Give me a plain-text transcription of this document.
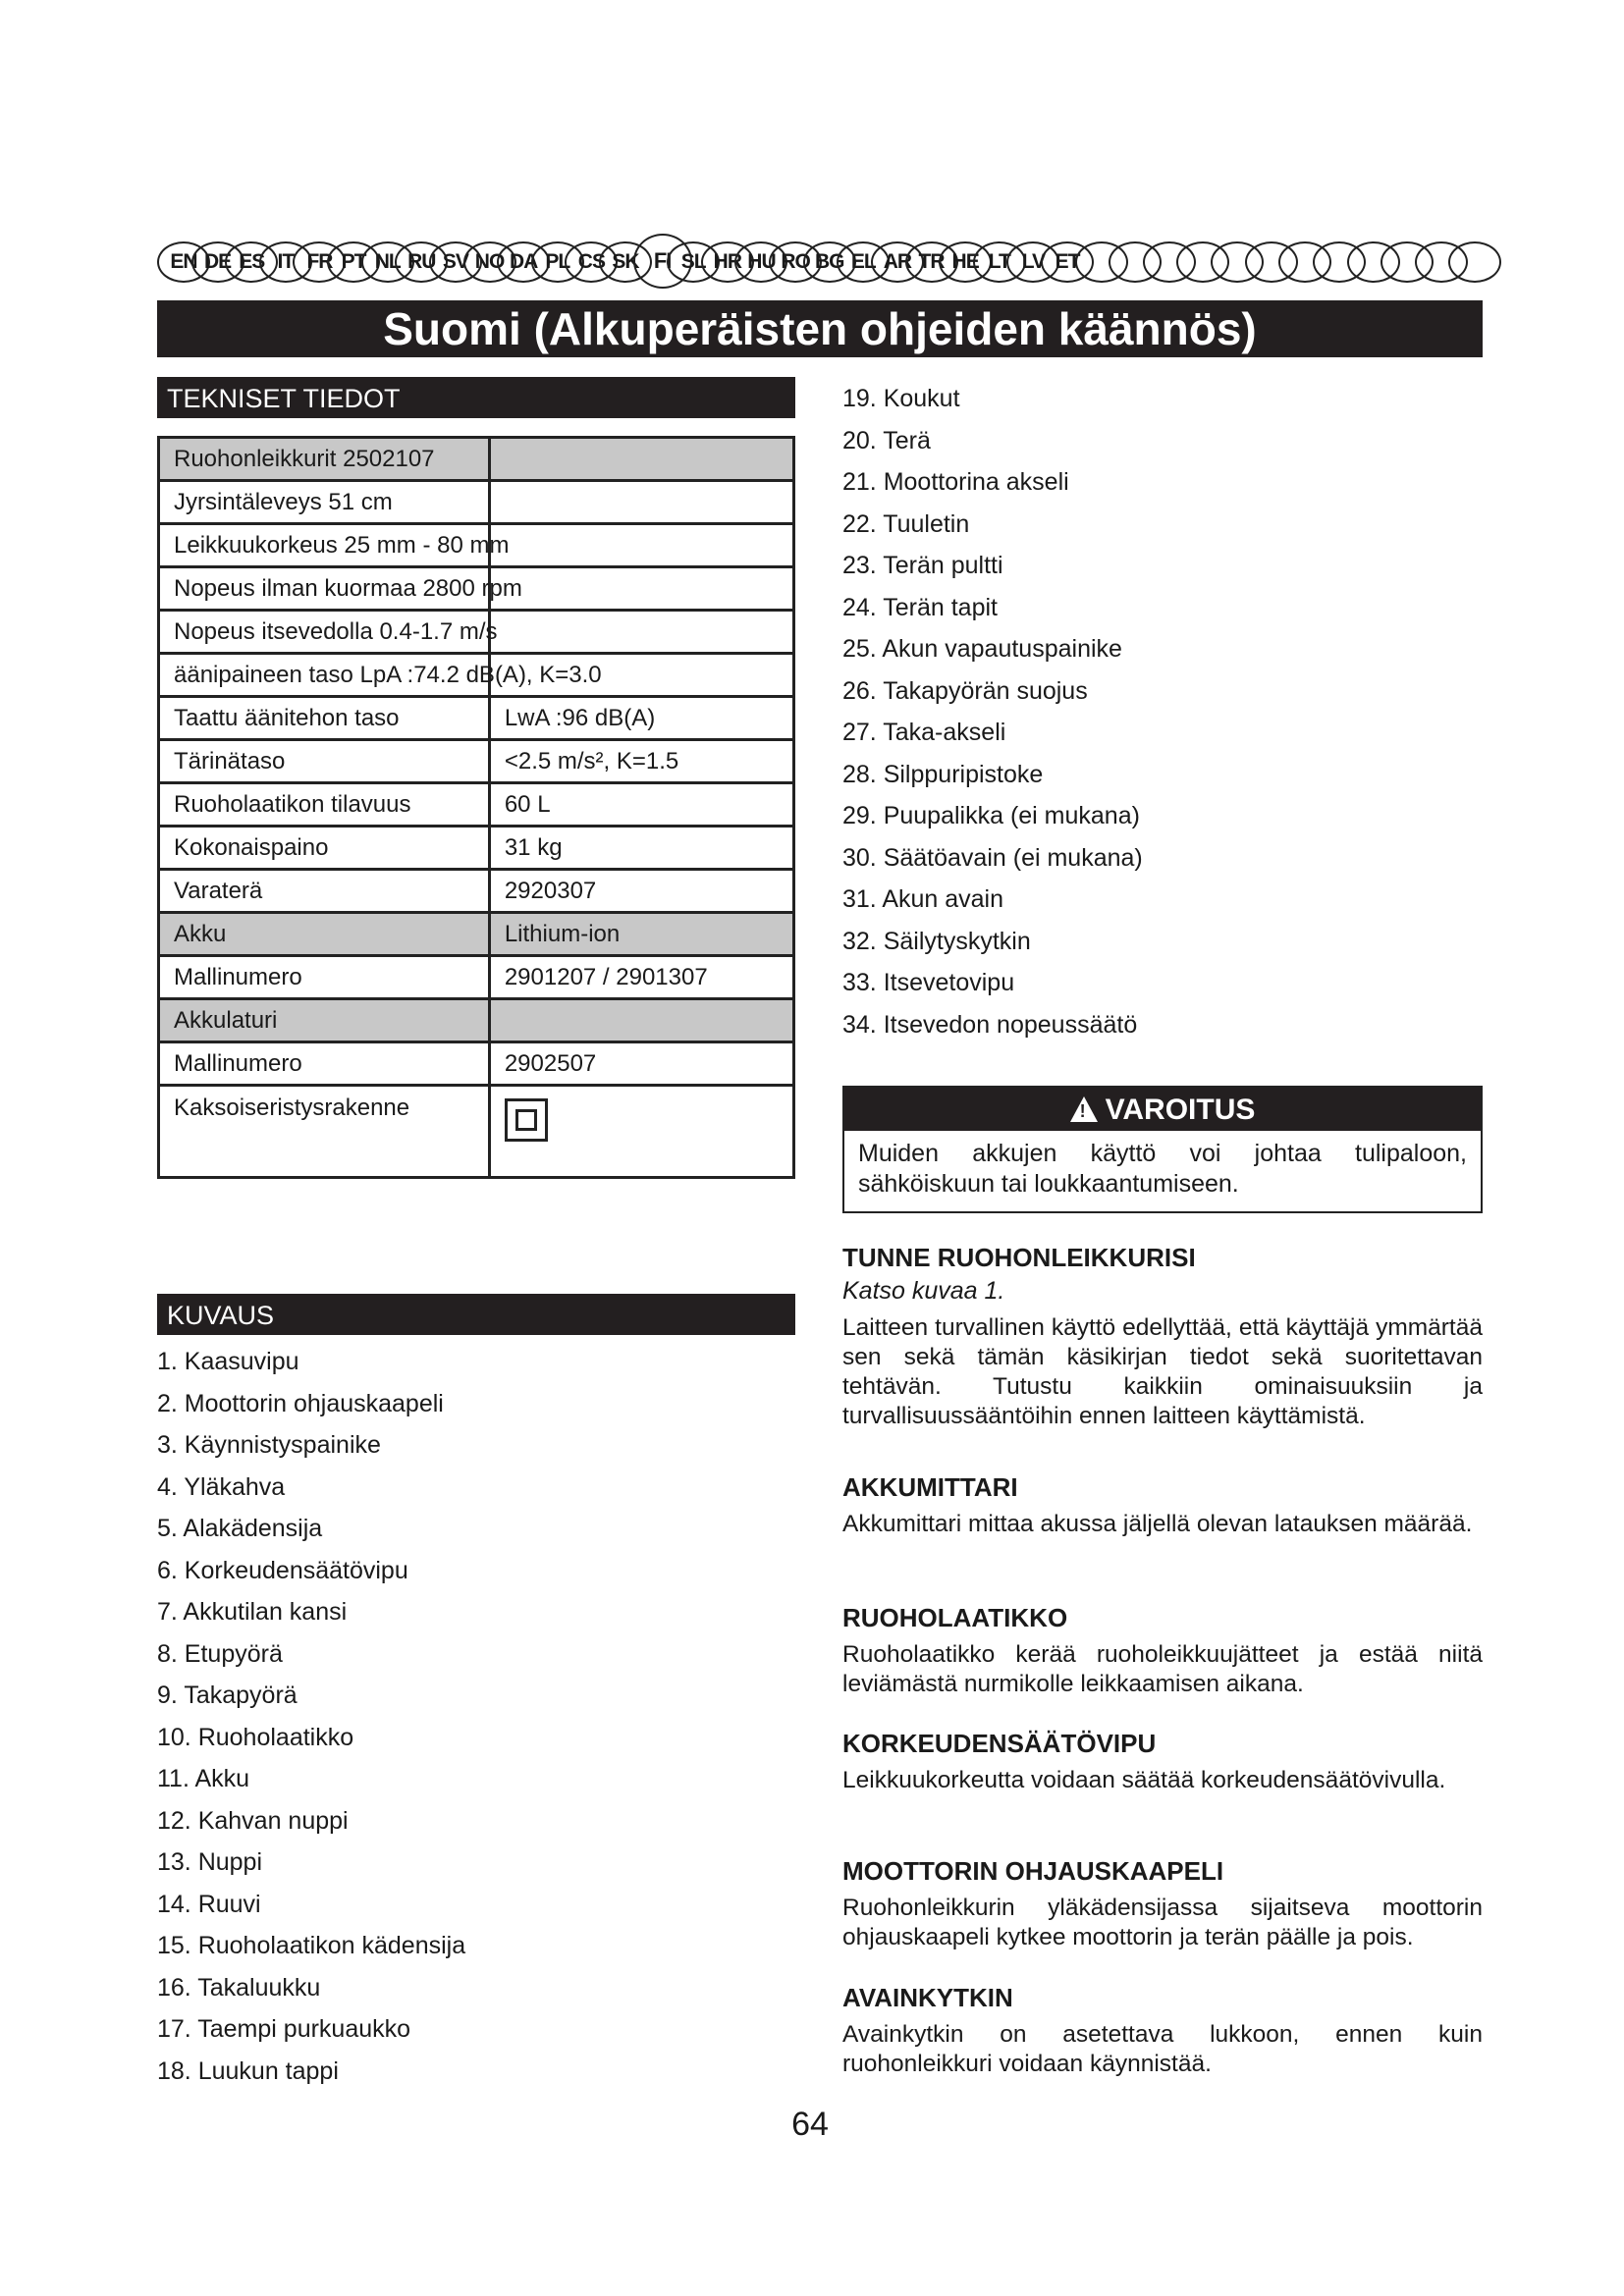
EN DE ES IT FR PT NL RU SV NO DA PL CS SK FI SL HR HU RO BG EL AR TR HE LT LV ET
Suomi (Alkuperäisten ohjeiden käännös)
TEKNISET TIEDOT
Ruohonleikkurit 2502107	

Jyrsintäleveys 51 cm	

Leikkuukorkeus 25 mm - 80 mm	

Nopeus ilman kuormaa 2800 rpm	

Nopeus itsevedolla 0.4-1.7 m/s	

äänipaineen taso LpA :74.2 dB(A), K=3.0	

Taattu äänitehon taso	LwA :96 dB(A)
Tärinätaso	<2.5 m/s², K=1.5
Ruoholaatikon tilavuus	60 L
Kokonaispaino	31 kg
Varaterä	2920307
Akku	Lithium-ion
Mallinumero	2901207 / 2901307
Akkulaturi	
Mallinumero	2902507
Kaksoiseristysrakenne	
KUVAUS
1. Kaasuvipu
2. Moottorin ohjauskaapeli
3. Käynnistyspainike
4. Yläkahva
5. Alakädensija
6. Korkeudensäätövipu
7. Akkutilan kansi
8. Etupyörä
9. Takapyörä
10. Ruoholaatikko
11. Akku
12. Kahvan nuppi
13. Nuppi
14. Ruuvi
15. Ruoholaatikon kädensija
16. Takaluukku
17. Taempi purkuaukko
18. Luukun tappi
19. Koukut
20. Terä
21. Moottorina akseli
22. Tuuletin
23. Terän pultti
24. Terän tapit
25. Akun vapautuspainike
26. Takapyörän suojus
27. Taka-akseli
28. Silppuripistoke
29. Puupalikka (ei mukana)
30. Säätöavain (ei mukana)
31. Akun avain
32. Säilytyskytkin
33. Itsevetovipu
34. Itsevedon nopeussäätö
!VAROITUS
Muiden akkujen käyttö voi johtaa tulipaloon, sähköiskuun tai loukkaantumiseen.
TUNNE RUOHONLEIKKURISI
Katso kuvaa 1.

Laitteen turvallinen käyttö edellyttää, että käyttäjä ymmärtää sen sekä tämän käsikirjan tiedot sekä suoritettavan tehtävän. Tutustu kaikkiin ominaisuuksiin ja turvallisuussääntöihin ennen laitteen käyttämistä.

AKKUMITTARI

Akkumittari mittaa akussa jäljellä olevan latauksen määrää.

RUOHOLAATIKKO

Ruoholaatikko kerää ruoholeikkuujätteet ja estää niitä leviämästä nurmikolle leikkaamisen aikana.

KORKEUDENSÄÄTÖVIPU

Leikkuukorkeutta voidaan säätää korkeudensäätövivulla.

MOOTTORIN OHJAUSKAAPELI

Ruohonleikkurin yläkädensijassa sijaitseva moottorin ohjauskaapeli kytkee moottorin ja terän päälle ja pois.

AVAINKYTKIN

Avainkytkin on asetettava lukkoon, ennen kuin ruohonleikkuri voidaan käynnistää.

64
